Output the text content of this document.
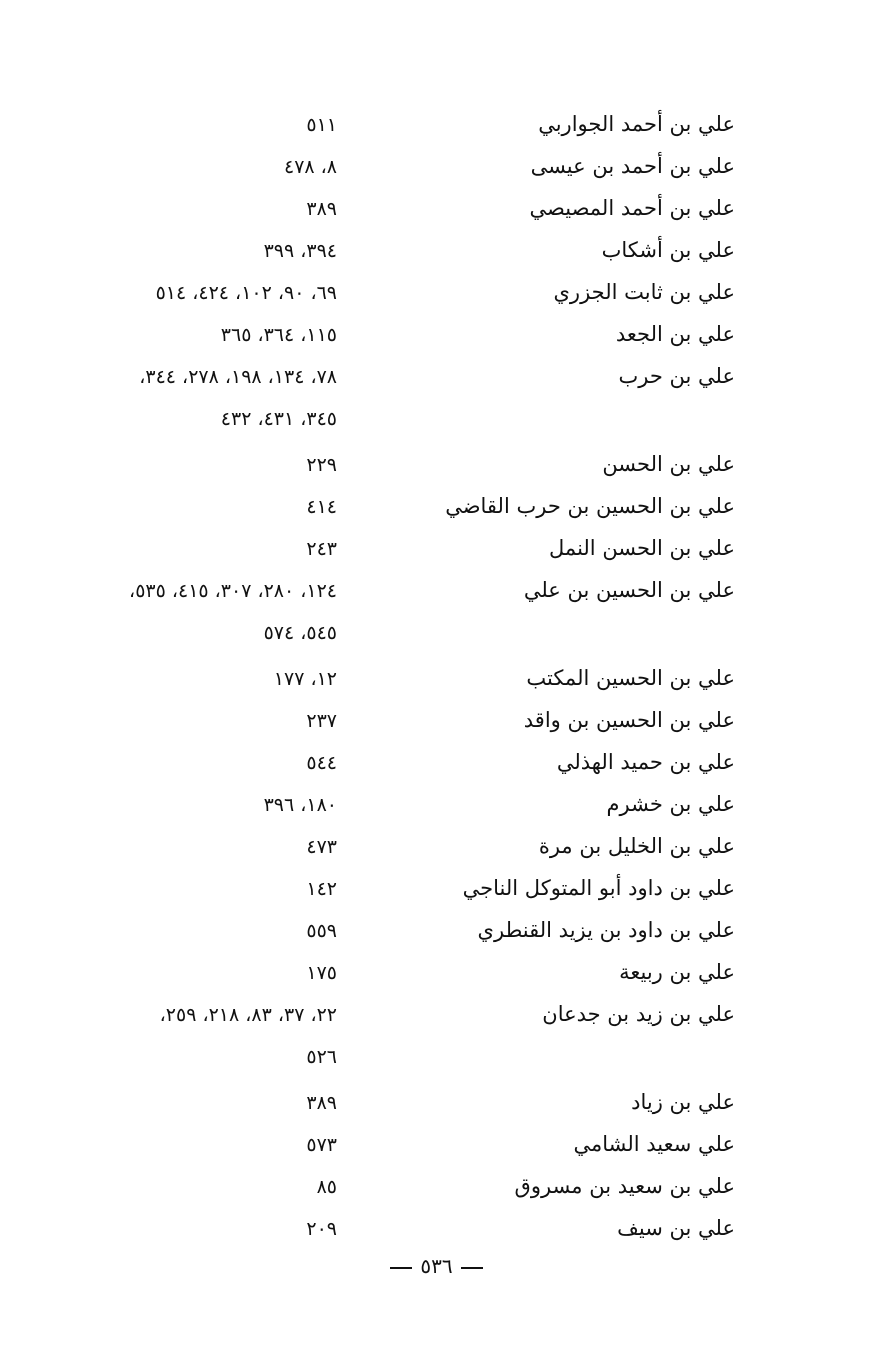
علي بن أحمد الجواربي
٥١١
علي بن أحمد بن عيسى
٨، ٤٧٨
علي بن أحمد المصيصي
٣٨٩
علي بن أشكاب
٣٩٤، ٣٩٩
علي بن ثابت الجزري
٦٩، ٩٠، ١٠٢، ٤٢٤، ٥١٤
علي بن الجعد
١١٥، ٣٦٤، ٣٦٥
علي بن حرب
٧٨، ١٣٤، ١٩٨، ٢٧٨، ٣٤٤،
٣٤٥، ٤٣١، ٤٣٢
علي بن الحسن
٢٢٩
علي بن الحسين بن حرب القاضي
٤١٤
علي بن الحسن النمل
٢٤٣
علي بن الحسين بن علي
١٢٤، ٢٨٠، ٣٠٧، ٤١٥، ٥٣٥،
٥٤٥، ٥٧٤
علي بن الحسين المكتب
١٢، ١٧٧
علي بن الحسين بن واقد
٢٣٧
علي بن حميد الهذلي
٥٤٤
علي بن خشرم
١٨٠، ٣٩٦
علي بن الخليل بن مرة
٤٧٣
علي بن داود أبو المتوكل الناجي
١٤٢
علي بن داود بن يزيد القنطري
٥٥٩
علي بن ربيعة
١٧٥
علي بن زيد بن جدعان
٢٢، ٣٧، ٨٣، ٢١٨، ٢٥٩،
٥٢٦
علي بن زياد
٣٨٩
علي سعيد الشامي
٥٧٣
علي بن سعيد بن مسروق
٨٥
علي بن سيف
٢٠٩
٥٣٦
